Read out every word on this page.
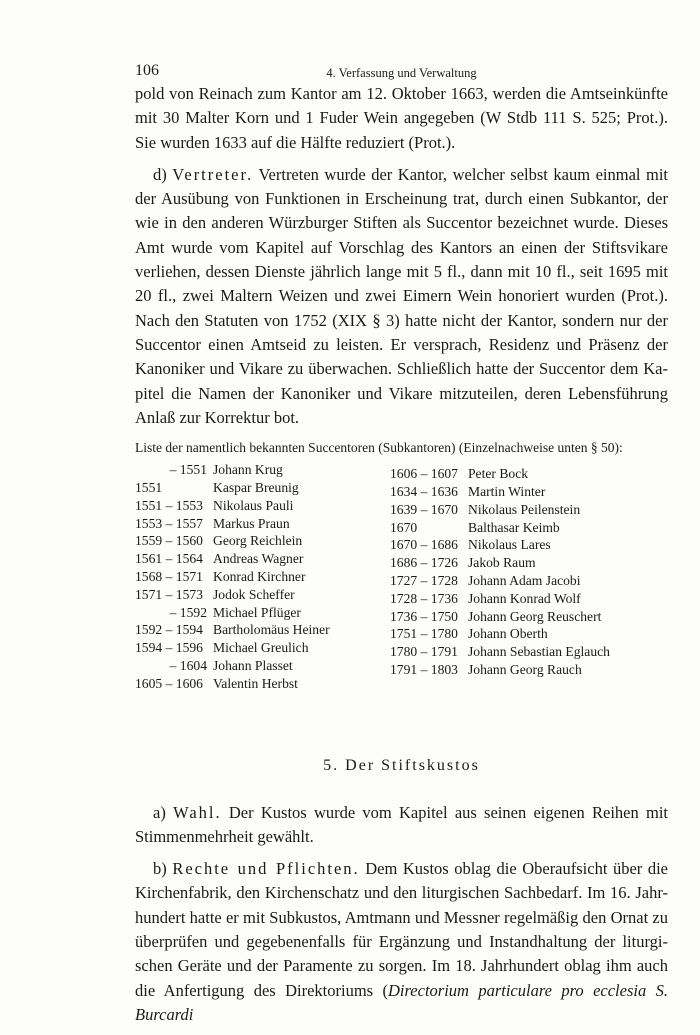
106	4. Verfassung und Verwaltung

pold von Reinach zum Kantor am 12. Oktober 1663, werden die Amtseinkünfte mit 30 Malter Korn und 1 Fuder Wein angegeben (W Stdb 111 S. 525; Prot.). Sie wurden 1633 auf die Hälfte reduziert (Prot.).

d) Vertreter. Vertreten wurde der Kantor, welcher selbst kaum einmal mit der Ausübung von Funktionen in Erscheinung trat, durch einen Subkantor, der wie in den anderen Würzburger Stiften als Succentor bezeichnet wurde. Dieses Amt wurde vom Kapitel auf Vorschlag des Kantors an einen der Stiftsvikare verliehen, dessen Dienste jährlich lange mit 5 fl., dann mit 10 fl., seit 1695 mit 20 fl., zwei Maltern Weizen und zwei Eimern Wein honoriert wurden (Prot.). Nach den Statuten von 1752 (XIX § 3) hatte nicht der Kantor, sondern nur der Succentor einen Amtseid zu leisten. Er versprach, Residenz und Präsenz der Kanoniker und Vikare zu überwachen. Schließlich hatte der Succentor dem Ka-pitel die Namen der Kanoniker und Vikare mitzuteilen, deren Lebensführung Anlaß zur Korrektur bot.

Liste der namentlich bekannten Succentoren (Subkantoren) (Einzelnachweise unten § 50):
– 1551 Johann Krug
1551	Kaspar Breunig
1551 – 1553 Nikolaus Pauli
1553 – 1557 Markus Praun
1559 – 1560 Georg Reichlein
1561 – 1564 Andreas Wagner
1568 – 1571 Konrad Kirchner
1571 – 1573 Jodok Scheffer
– 1592 Michael Pflüger
1592 – 1594 Bartholomäus Heiner
1594 – 1596 Michael Greulich
– 1604 Johann Plasset
1605 – 1606 Valentin Herbst
1606 – 1607 Peter Bock
1634 – 1636 Martin Winter
1639 – 1670 Nikolaus Peilenstein
1670	Balthasar Keimb
1670 – 1686 Nikolaus Lares
1686 – 1726 Jakob Raum
1727 – 1728 Johann Adam Jacobi
1728 – 1736 Johann Konrad Wolf
1736 – 1750 Johann Georg Reuschert
1751 – 1780 Johann Oberth
1780 – 1791 Johann Sebastian Eglauch
1791 – 1803 Johann Georg Rauch
5. Der Stiftskustos

a) Wahl. Der Kustos wurde vom Kapitel aus seinen eigenen Reihen mit Stimmenmehrheit gewählt.

b) Rechte und Pflichten. Dem Kustos oblag die Oberaufsicht über die Kirchenfabrik, den Kirchenschatz und den liturgischen Sachbedarf. Im 16. Jahr-hundert hatte er mit Subkustos, Amtmann und Messner regelmäßig den Ornat zu überprüfen und gegebenenfalls für Ergänzung und Instandhaltung der liturgi-schen Geräte und der Paramente zu sorgen. Im 18. Jahrhundert oblag ihm auch die Anfertigung des Direktoriums (Directorium particulare pro ecclesia S. Burcardi
